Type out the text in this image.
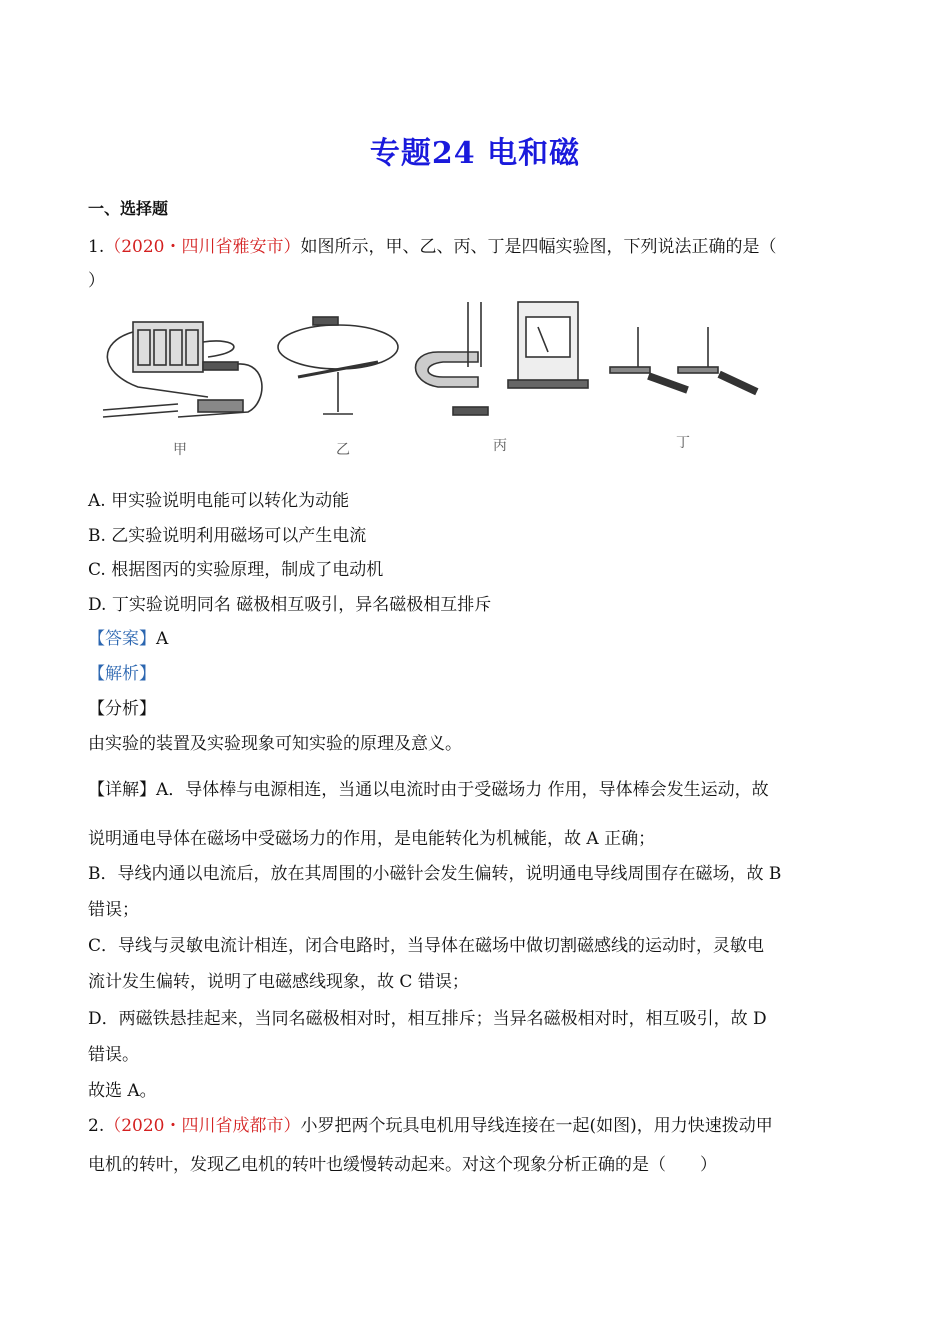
专题24 电和磁
一、选择题
1.（2020・四川省雅安市）如图所示，甲、乙、丙、丁是四幅实验图，下列说法正确的是（
）
甲	乙	丙	丁
A. 甲实验说明电能可以转化为动能
B. 乙实验说明利用磁场可以产生电流
C. 根据图丙的实验原理，制成了电动机
D. 丁实验说明同名 磁极相互吸引，异名磁极相互排斥
【答案】A
【解析】
【分析】
由实验的装置及实验现象可知实验的原理及意义。
【详解】A．导体棒与电源相连，当通以电流时由于受磁场力 作用，导体棒会发生运动，故
说明通电导体在磁场中受磁场力的作用，是电能转化为机械能，故 A 正确；
B．导线内通以电流后，放在其周围的小磁针会发生偏转，说明通电导线周围存在磁场，故 B
错误；
C．导线与灵敏电流计相连，闭合电路时，当导体在磁场中做切割磁感线的运动时，灵敏电
流计发生偏转，说明了电磁感线现象，故 C 错误；
D．两磁铁悬挂起来，当同名磁极相对时，相互排斥；当异名磁极相对时，相互吸引，故 D
错误。
故选 A。
2.（2020・四川省成都市）小罗把两个玩具电机用导线连接在一起(如图)，用力快速拨动甲
电机的转叶，发现乙电机的转叶也缓慢转动起来。对这个现象分析正确的是（　　）
